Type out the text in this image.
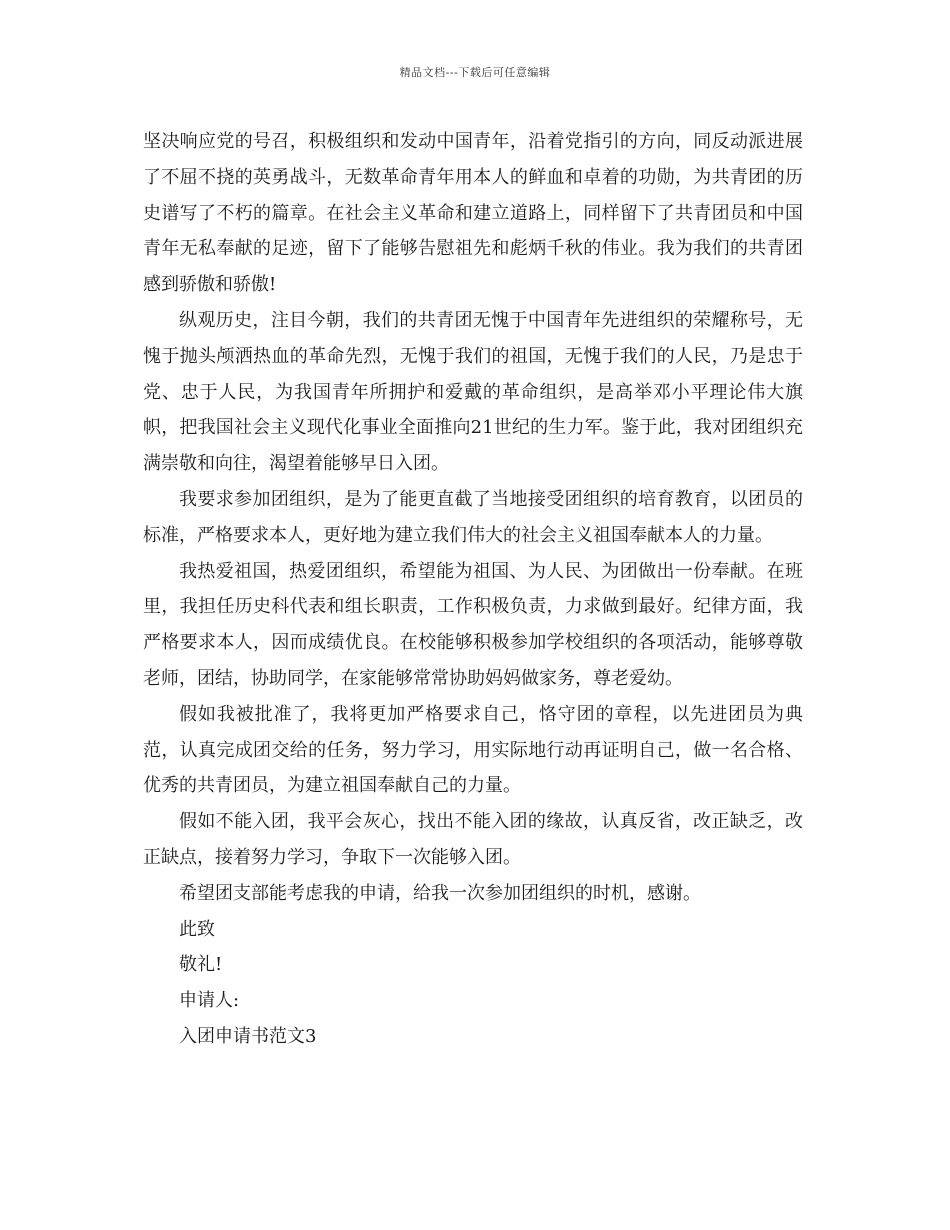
精品文档---下载后可任意编辑

坚决响应党的号召，积极组织和发动中国青年，沿着党指引的方向，同反动派进展了不屈不挠的英勇战斗，无数革命青年用本人的鲜血和卓着的功勋，为共青团的历史谱写了不朽的篇章。在社会主义革命和建立道路上，同样留下了共青团员和中国青年无私奉献的足迹，留下了能够告慰祖先和彪炳千秋的伟业。我为我们的共青团感到骄傲和骄傲!

纵观历史，注目今朝，我们的共青团无愧于中国青年先进组织的荣耀称号，无愧于抛头颅洒热血的革命先烈，无愧于我们的祖国，无愧于我们的人民，乃是忠于党、忠于人民，为我国青年所拥护和爱戴的革命组织，是高举邓小平理论伟大旗帜，把我国社会主义现代化事业全面推向21世纪的生力军。鉴于此，我对团组织充满崇敬和向往，渴望着能够早日入团。

我要求参加团组织，是为了能更直截了当地接受团组织的培育教育，以团员的标准，严格要求本人，更好地为建立我们伟大的社会主义祖国奉献本人的力量。

我热爱祖国，热爱团组织，希望能为祖国、为人民、为团做出一份奉献。在班里，我担任历史科代表和组长职责，工作积极负责，力求做到最好。纪律方面，我严格要求本人，因而成绩优良。在校能够积极参加学校组织的各项活动，能够尊敬老师，团结，协助同学，在家能够常常协助妈妈做家务，尊老爱幼。

假如我被批准了，我将更加严格要求自己，恪守团的章程，以先进团员为典范，认真完成团交给的任务，努力学习，用实际地行动再证明自己，做一名合格、优秀的共青团员，为建立祖国奉献自己的力量。

假如不能入团，我平会灰心，找出不能入团的缘故，认真反省，改正缺乏，改正缺点，接着努力学习，争取下一次能够入团。

希望团支部能考虑我的申请，给我一次参加团组织的时机，感谢。

此致

敬礼!

申请人:

入团申请书范文3
